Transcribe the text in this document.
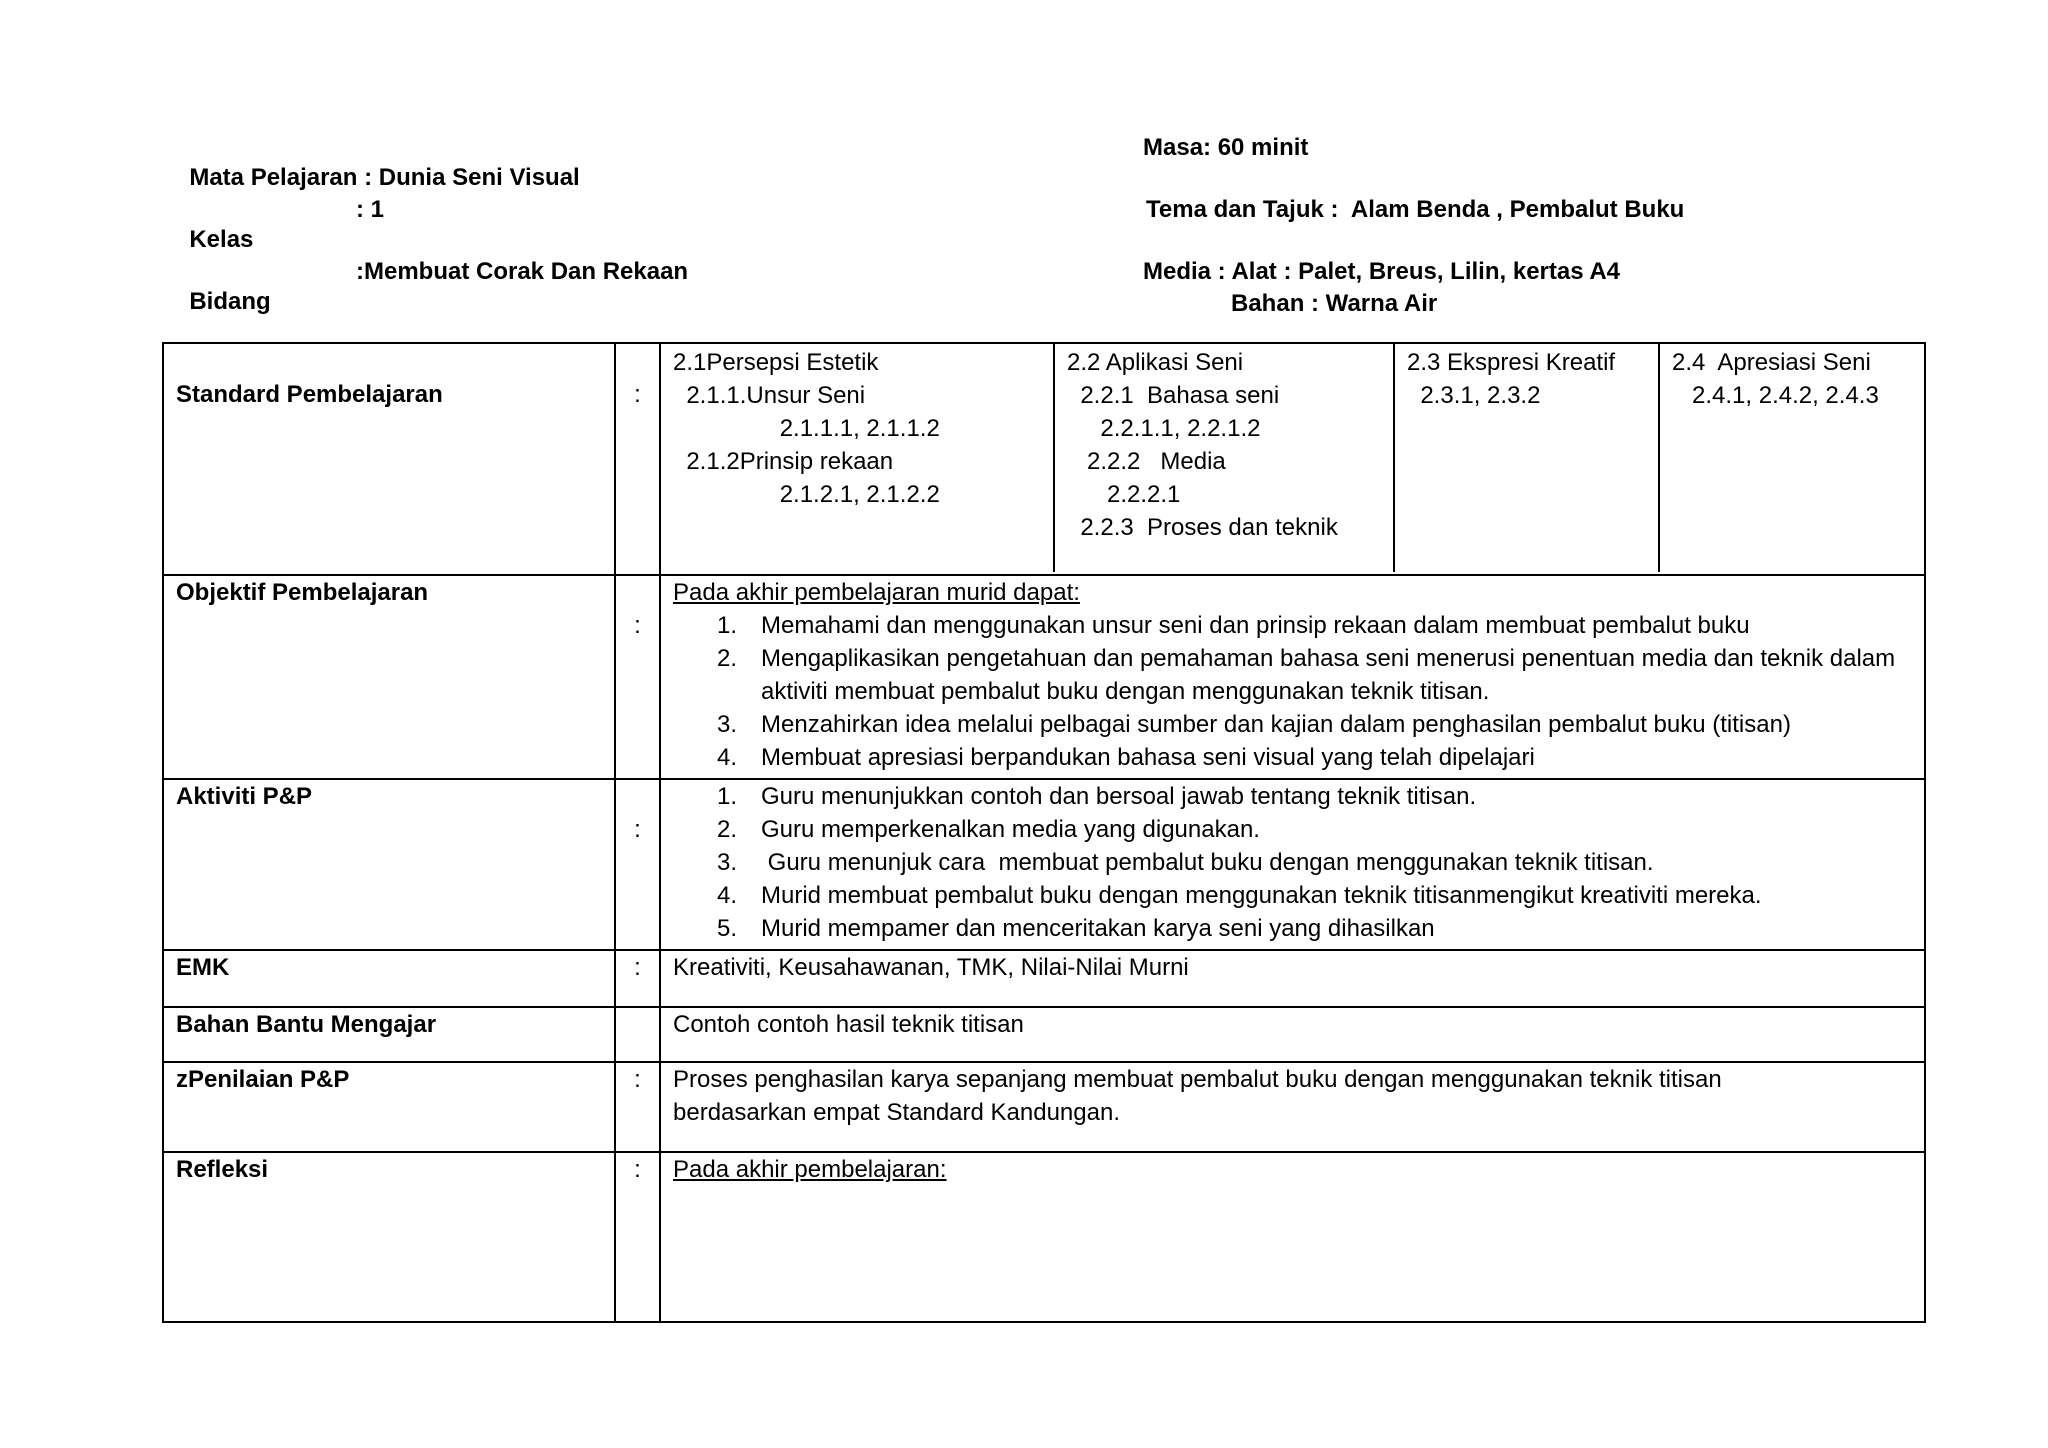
Mata Pelajaran : Dunia Seni Visual

Kelas

: 1

Bidang

:Membuat Corak Dan Rekaan

Masa: 60 minit
Tema dan Tajuk :  Alam Benda , Pembalut Buku
Media : Alat : Palet, Breus, Lilin, kertas A4
Bahan : Warna Air
Standard Pembelajaran	:	
2.1Persepsi Estetik
2.1.1.Unsur Seni
2.1.1.1, 2.1.1.2
2.1.2Prinsip rekaan
2.1.2.1, 2.1.2.2

2.2 Aplikasi Seni
2.2.1  Bahasa seni
2.2.1.1, 2.2.1.2
2.2.2   Media
2.2.2.1
2.2.3  Proses dan teknik

2.3 Ekspresi Kreatif
2.3.1, 2.3.2

2.4  Apresiasi Seni
2.4.1, 2.4.2, 2.4.3

Objektif Pembelajaran	:	
Pada akhir pembelajaran murid dapat:
1. Memahami dan menggunakan unsur seni dan prinsip rekaan dalam membuat pembalut buku
2. Mengaplikasikan pengetahuan dan pemahaman bahasa seni menerusi penentuan media dan teknik dalam aktiviti membuat pembalut buku dengan menggunakan teknik titisan.
3. Menzahirkan idea melalui pelbagai sumber dan kajian dalam penghasilan pembalut buku (titisan)
4. Membuat apresiasi berpandukan bahasa seni visual yang telah dipelajari

Aktiviti P&P	:	
1. Guru menunjukkan contoh dan bersoal jawab tentang teknik titisan.
2. Guru memperkenalkan media yang digunakan.
3. Guru menunjuk cara  membuat pembalut buku dengan menggunakan teknik titisan.
4. Murid membuat pembalut buku dengan menggunakan teknik titisanmengikut kreativiti mereka.
5. Murid mempamer dan menceritakan karya seni yang dihasilkan

EMK	:	Kreativiti, Keusahawanan, TMK, Nilai-Nilai Murni
Bahan Bantu Mengajar		Contoh contoh hasil teknik titisan
zPenilaian P&P	:	Proses penghasilan karya sepanjang membuat pembalut buku dengan menggunakan teknik titisan
berdasarkan empat Standard Kandungan.

Refleksi	:	Pada akhir pembelajaran:
